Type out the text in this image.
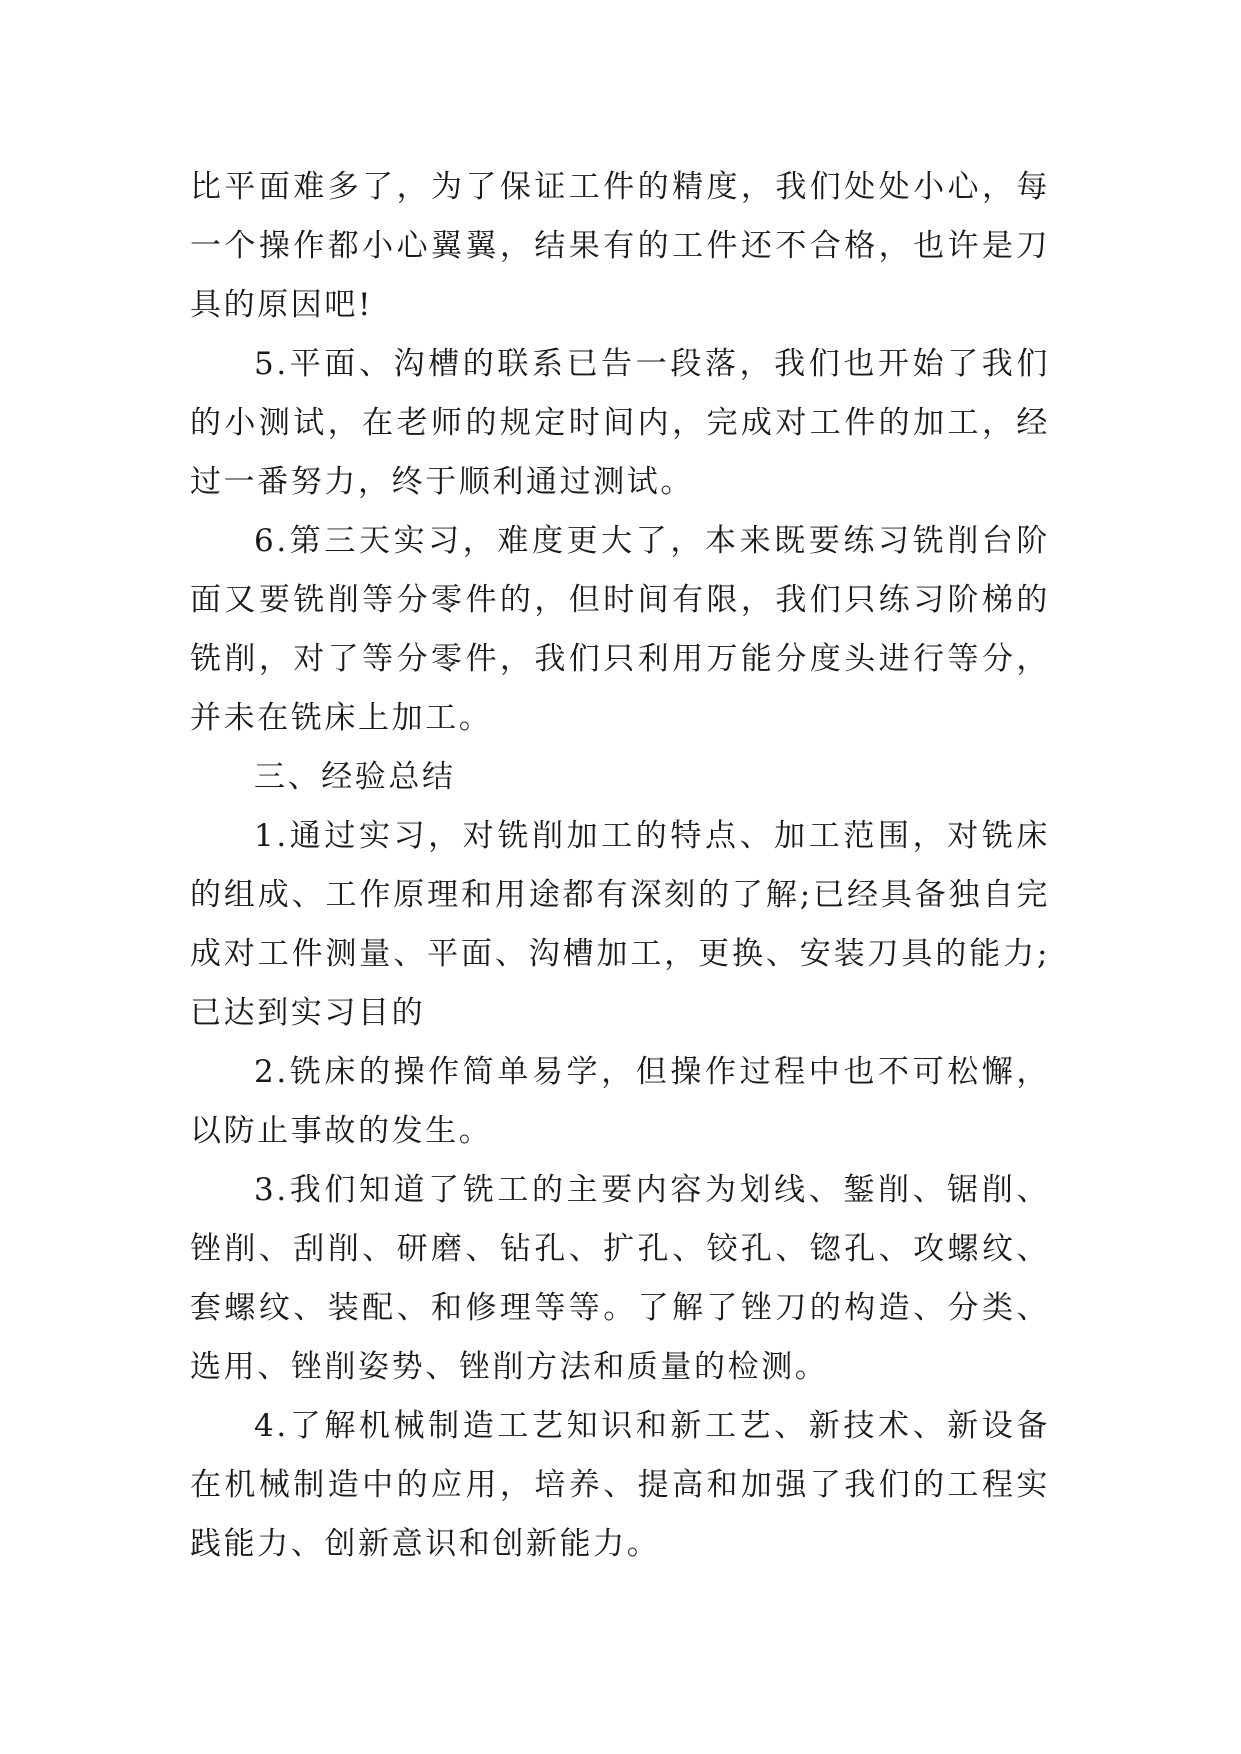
比平面难多了，为了保证工件的精度，我们处处小心，每一个操作都小心翼翼，结果有的工件还不合格，也许是刀具的原因吧!

5.平面、沟槽的联系已告一段落，我们也开始了我们的小测试，在老师的规定时间内，完成对工件的加工，经过一番努力，终于顺利通过测试。

6.第三天实习，难度更大了，本来既要练习铣削台阶面又要铣削等分零件的，但时间有限，我们只练习阶梯的铣削，对了等分零件，我们只利用万能分度头进行等分，并未在铣床上加工。

三、经验总结

1.通过实习，对铣削加工的特点、加工范围，对铣床的组成、工作原理和用途都有深刻的了解;已经具备独自完成对工件测量、平面、沟槽加工，更换、安装刀具的能力;已达到实习目的

2.铣床的操作简单易学，但操作过程中也不可松懈，以防止事故的发生。

3.我们知道了铣工的主要内容为划线、錾削、锯削、锉削、刮削、研磨、钻孔、扩孔、铰孔、锪孔、攻螺纹、套螺纹、装配、和修理等等。了解了锉刀的构造、分类、选用、锉削姿势、锉削方法和质量的检测。

4.了解机械制造工艺知识和新工艺、新技术、新设备在机械制造中的应用，培养、提高和加强了我们的工程实践能力、创新意识和创新能力。
